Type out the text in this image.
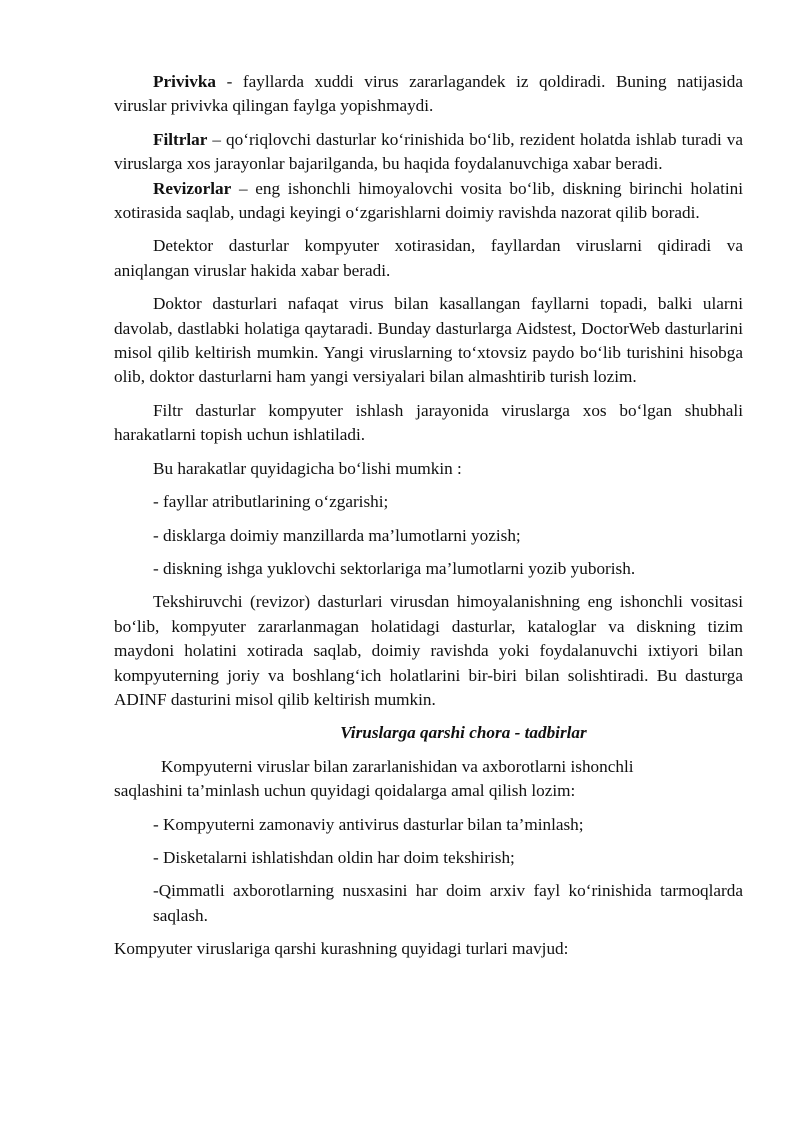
Privivka - fayllarda xuddi virus zararlagandek iz qoldiradi. Buning natijasida viruslar privivka qilingan faylga yopishmaydi.

Filtrlar – qo‘riqlovchi dasturlar ko‘rinishida bo‘lib, rezident holatda ishlab turadi va viruslarga xos jarayonlar bajarilganda, bu haqida foydalanuvchiga xabar beradi.

Revizorlar – eng ishonchli himoyalovchi vosita bo‘lib, diskning birinchi holatini xotirasida saqlab, undagi keyingi o‘zgarishlarni doimiy ravishda nazorat qilib boradi.

Detektor dasturlar kompyuter xotirasidan, fayllardan viruslarni qidiradi va aniqlangan viruslar hakida xabar beradi.

Doktor dasturlari nafaqat virus bilan kasallangan fayllarni topadi, balki ularni davolab, dastlabki holatiga qaytaradi. Bunday dasturlarga Aidstest, DoctorWeb dasturlarini misol qilib keltirish mumkin. Yangi viruslarning to‘xtovsiz paydo bo‘lib turishini hisobga olib, doktor dasturlarni ham yangi versiyalari bilan almashtirib turish lozim.

Filtr dasturlar kompyuter ishlash jarayonida viruslarga xos bo‘lgan shubhali harakatlarni topish uchun ishlatiladi.

Bu harakatlar quyidagicha bo‘lishi mumkin :

- fayllar atributlarining o‘zgarishi;

- disklarga doimiy manzillarda ma’lumotlarni yozish;

- diskning ishga yuklovchi sektorlariga ma’lumotlarni yozib yuborish.

Tekshiruvchi (revizor) dasturlari virusdan himoyalanishning eng ishonchli vositasi bo‘lib, kompyuter zararlanmagan holatidagi dasturlar, kataloglar va diskning tizim maydoni holatini xotirada saqlab, doimiy ravishda yoki foydalanuvchi ixtiyori bilan kompyuterning joriy va boshlang‘ich holatlarini bir-biri bilan solishtiradi. Bu dasturga ADINF dasturini misol qilib keltirish mumkin.

Viruslarga qarshi chora - tadbirlar

Kompyuterni viruslar bilan zararlanishidan va axborotlarni ishonchli saqlashini ta’minlash uchun quyidagi qoidalarga amal qilish lozim:

- Kompyuterni zamonaviy antivirus dasturlar bilan ta’minlash;

- Disketalarni ishlatishdan oldin har doim tekshirish;

-Qimmatli axborotlarning nusxasini har doim arxiv fayl ko‘rinishida tarmoqlarda saqlash.

Kompyuter viruslariga qarshi kurashning quyidagi turlari mavjud:
